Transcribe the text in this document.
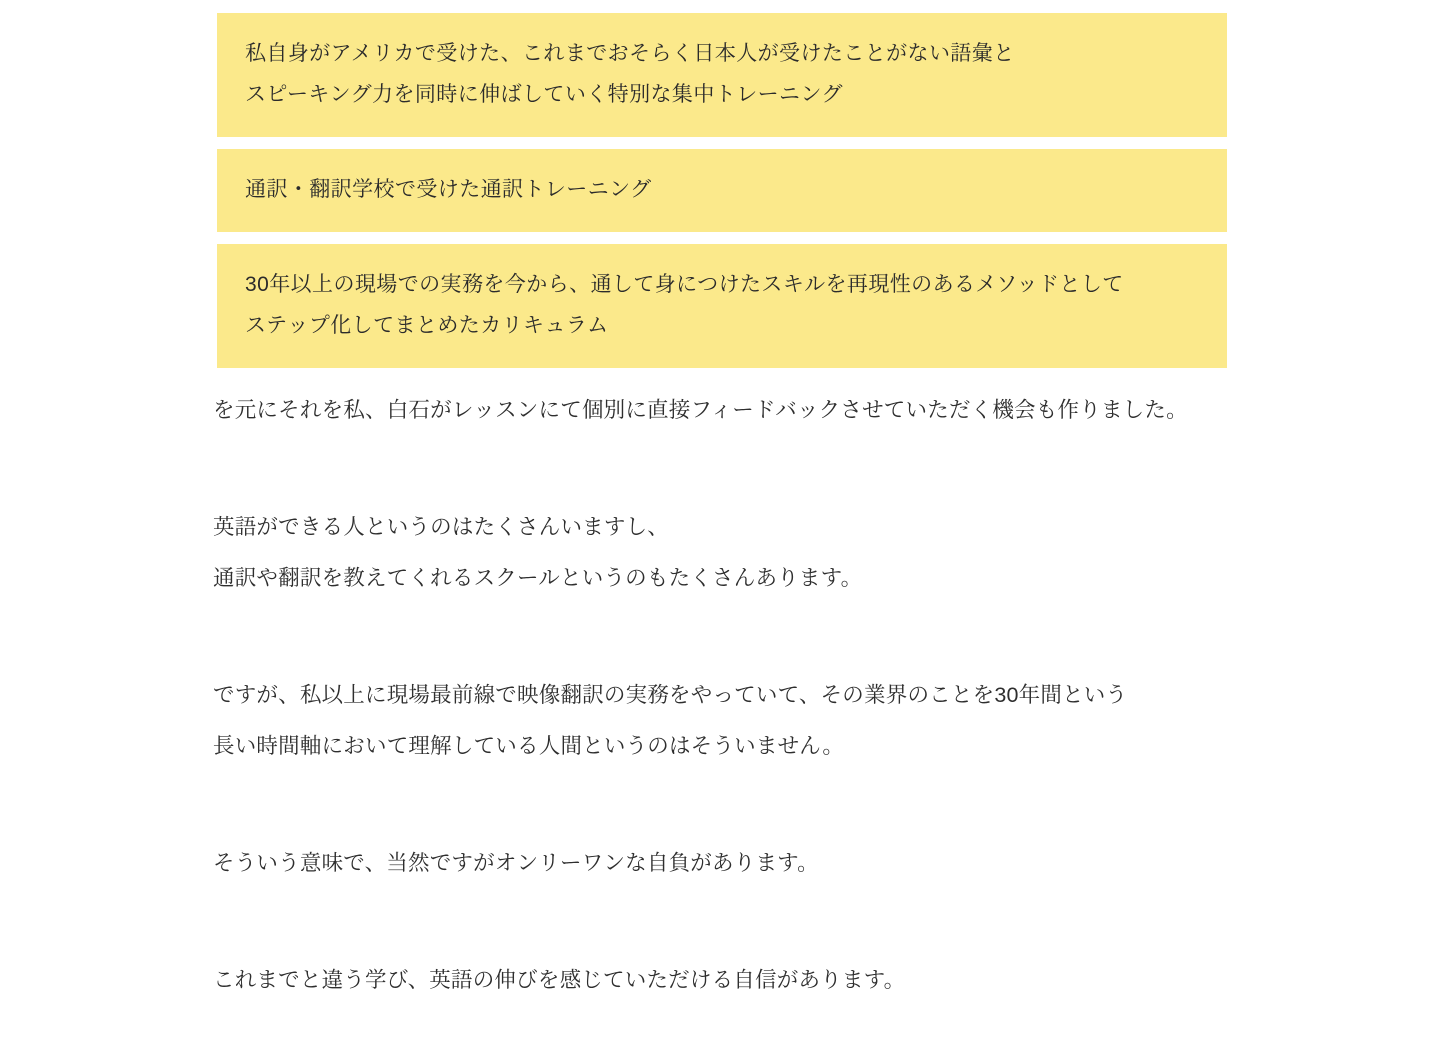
私自身がアメリカで受けた、これまでおそらく日本人が受けたことがない語彙と
スピーキング力を同時に伸ばしていく特別な集中トレーニング
通訳・翻訳学校で受けた通訳トレーニング
30年以上の現場での実務を今から、通して身につけたスキルを再現性のあるメソッドとして
ステップ化してまとめたカリキュラム

を元にそれを私、白石がレッスンにて個別に直接フィードバックさせていただく機会も作りました。

英語ができる人というのはたくさんいますし、
通訳や翻訳を教えてくれるスクールというのもたくさんあります。

ですが、私以上に現場最前線で映像翻訳の実務をやっていて、その業界のことを30年間という
長い時間軸において理解している人間というのはそういません。

そういう意味で、当然ですがオンリーワンな自負があります。

これまでと違う学び、英語の伸びを感じていただける自信があります。
